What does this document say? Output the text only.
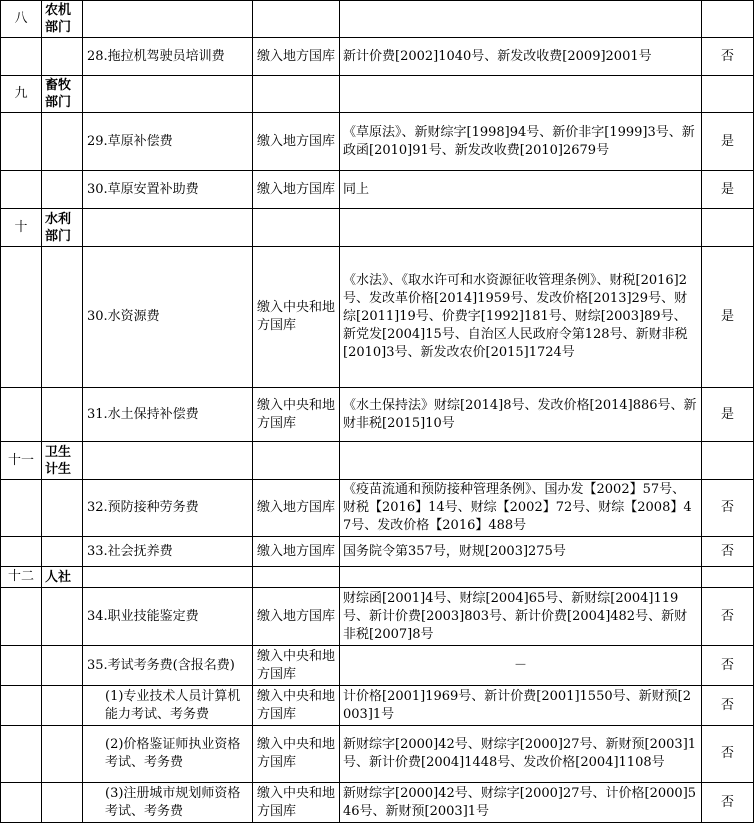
八	农机部门				
		28.拖拉机驾驶员培训费	缴入地方国库	新计价费[2002]1040号、新发改收费[2009]2001号	否
九	畜牧部门				
		29.草原补偿费	缴入地方国库	《草原法》、新财综字[1998]94号、新价非字[1999]3号、新政函[2010]91号、新发改收费[2010]2679号	是
		30.草原安置补助费	缴入地方国库	同上	是
十	水利部门				
		30.水资源费	缴入中央和地方国库	《水法》、《取水许可和水资源征收管理条例》、财税[2016]2号、发改革价格[2014]1959号、发改价格[2013]29号、财综[2011]19号、价费字[1992]181号、财综[2003]89号、新党发[2004]15号、自治区人民政府令第128号、新财非税[2010]3号、新发改农价[2015]1724号	是
		31.水土保持补偿费	缴入中央和地方国库	《水土保持法》财综[2014]8号、发改价格[2014]886号、新财非税[2015]10号	是
十一	卫生计生				
		32.预防接种劳务费	缴入地方国库	《疫苗流通和预防接种管理条例》、国办发【2002】57号、财税【2016】14号、财综【2002】72号、财综【2008】47号、发改价格【2016】488号	否
		33.社会抚养费	缴入地方国库	国务院令第357号，财规[2003]275号	否
十二	人社				
		34.职业技能鉴定费	缴入地方国库	财综函[2001]4号、财综[2004]65号、新财综[2004]119号、新计价费[2003]803号、新计价费[2004]482号、新财非税[2007]8号	否
		35.考试考务费(含报名费)	缴入中央和地方国库	－	否
		(1)专业技术人员计算机能力考试、考务费	缴入中央和地方国库	计价格[2001]1969号、新计价费[2001]1550号、新财预[2003]1号	否
		(2)价格鉴证师执业资格考试、考务费	缴入中央和地方国库	新财综字[2000]42号、财综字[2000]27号、新财预[2003]1号、新计价费[2004]1448号、发改价格[2004]1108号	否
		(3)注册城市规划师资格考试、考务费	缴入中央和地方国库	新财综字[2000]42号、财综字[2000]27号、计价格[2000]546号、新财预[2003]1号	否
